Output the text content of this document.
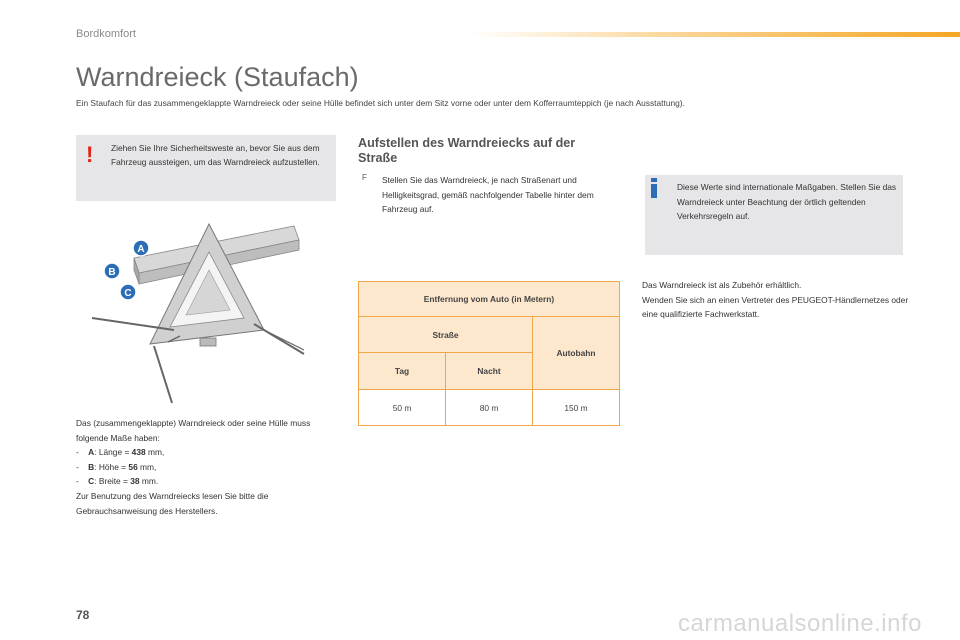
Bordkomfort
Warndreieck (Staufach)
Ein Staufach für das zusammengeklappte Warndreieck oder seine Hülle befindet sich unter dem Sitz vorne oder unter dem Kofferraumteppich (je nach Ausstattung).
! Ziehen Sie Ihre Sicherheitsweste an, bevor Sie aus dem Fahrzeug aussteigen, um das Warndreieck aufzustellen.
A
B
C
Das (zusammengeklappte) Warndreieck oder seine Hülle muss folgende Maße haben:
- A: Länge = 438 mm,
- B: Höhe = 56 mm,
- C: Breite = 38 mm.
Zur Benutzung des Warndreiecks lesen Sie bitte die Gebrauchsanweisung des Herstellers.
Aufstellen des Warndreiecks auf der
Straße
F Stellen Sie das Warndreieck, je nach Straßenart und Helligkeitsgrad, gemäß nachfolgender Tabelle hinter dem Fahrzeug auf.
Entfernung vom Auto (in Metern)		
Straße		Autobahn
Tag	Nacht	
50 m	80 m	150 m
Diese Werte sind internationale Maßgaben. Stellen Sie das Warndreieck unter Beachtung der örtlich geltenden Verkehrsregeln auf.
Das Warndreieck ist als Zubehör erhältlich.
Wenden Sie sich an einen Vertreter des PEUGEOT-Händlernetzes oder eine qualifizierte Fachwerkstatt.
78	carmanualsonline.info
